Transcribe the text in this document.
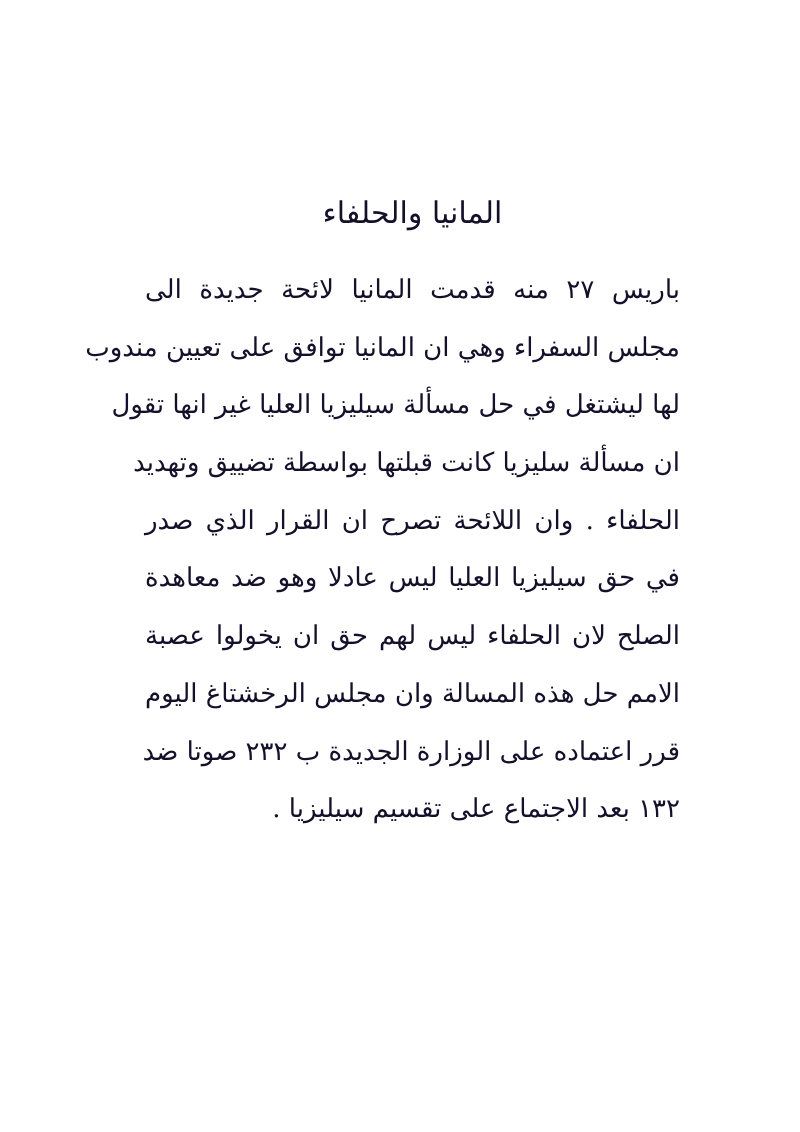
المانيا والحلفاء
باريس ٢٧ منه قدمت المانيا لائحة جديدة الى
مجلس السفراء وهي ان المانيا توافق على تعيين مندوب
لها ليشتغل في حل مسألة سيليزيا العليا غير انها تقول
ان مسألة سليزيا كانت قبلتها بواسطة تضييق وتهديد
الحلفاء . وان اللائحة تصرح ان القرار الذي صدر
في حق سيليزيا العليا ليس عادلا وهو ضد معاهدة
الصلح لان الحلفاء ليس لهم حق ان يخولوا عصبة
الامم حل هذه المسالة وان مجلس الرخشتاغ اليوم
قرر اعتماده على الوزارة الجديدة ب ٢٣٢ صوتا ضد
١٣٢ بعد الاجتماع على تقسيم سيليزيا .
